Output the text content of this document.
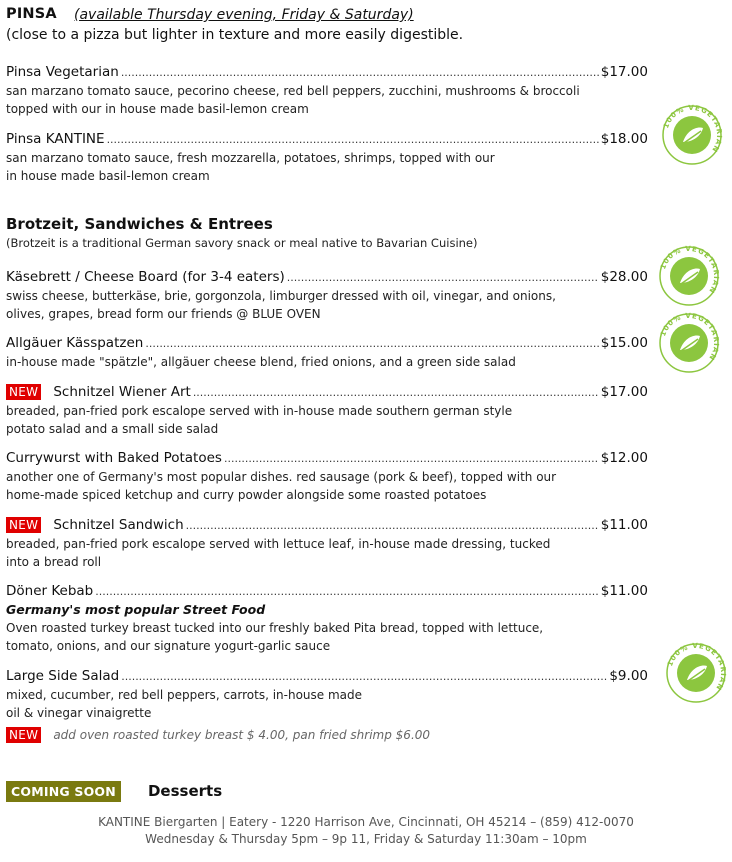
PINSA (available Thursday evening, Friday & Saturday)
(close to a pizza but lighter in texture and more easily digestible.
Pinsa Vegetarian .....	$17.00
san marzano tomato sauce, pecorino cheese, red bell peppers, zucchini, mushrooms & broccoli
topped with our in house made basil-lemon cream
Pinsa KANTINE .....	$18.00
san marzano tomato sauce, fresh mozzarella, potatoes, shrimps, topped with our
in house made basil-lemon cream
Brotzeit, Sandwiches & Entrees
(Brotzeit is a traditional German savory snack or meal native to Bavarian Cuisine)
Käsebrett / Cheese Board (for 3-4 eaters) .....	$28.00
swiss cheese, butterkäse, brie, gorgonzola, limburger dressed with oil, vinegar, and onions,
olives, grapes, bread form our friends @ BLUE OVEN
Allgäuer Kässpatzen .....	$15.00
in-house made "spätzle", allgäuer cheese blend, fried onions, and a green side salad
NEW Schnitzel Wiener Art .....	$17.00
breaded, pan-fried pork escalope served with in-house made southern german style
potato salad and a small side salad
Currywurst with Baked Potatoes .....	$12.00
another one of Germany's most popular dishes. red sausage (pork & beef), topped with our
home-made spiced ketchup and curry powder alongside some roasted potatoes
NEW Schnitzel Sandwich .....	$11.00
breaded, pan-fried pork escalope served with lettuce leaf, in-house made dressing, tucked
into a bread roll
Döner Kebab .....	$11.00
Germany's most popular Street Food
Oven roasted turkey breast tucked into our freshly baked Pita bread, topped with lettuce,
tomato, onions, and our signature yogurt-garlic sauce
Large Side Salad .....	$9.00
mixed, cucumber, red bell peppers, carrots, in-house made
oil & vinegar vinaigrette
NEW add oven roasted turkey breast $ 4.00, pan fried shrimp $6.00
COMING SOON Desserts
KANTINE Biergarten | Eatery - 1220 Harrison Ave, Cincinnati, OH 45214 – (859) 412-0070
Wednesday & Thursday 5pm – 9p 11, Friday & Saturday 11:30am – 10pm
100% VEGETARIAN
100% VEGETARIAN
100% VEGETARIAN
100% VEGETARIAN
